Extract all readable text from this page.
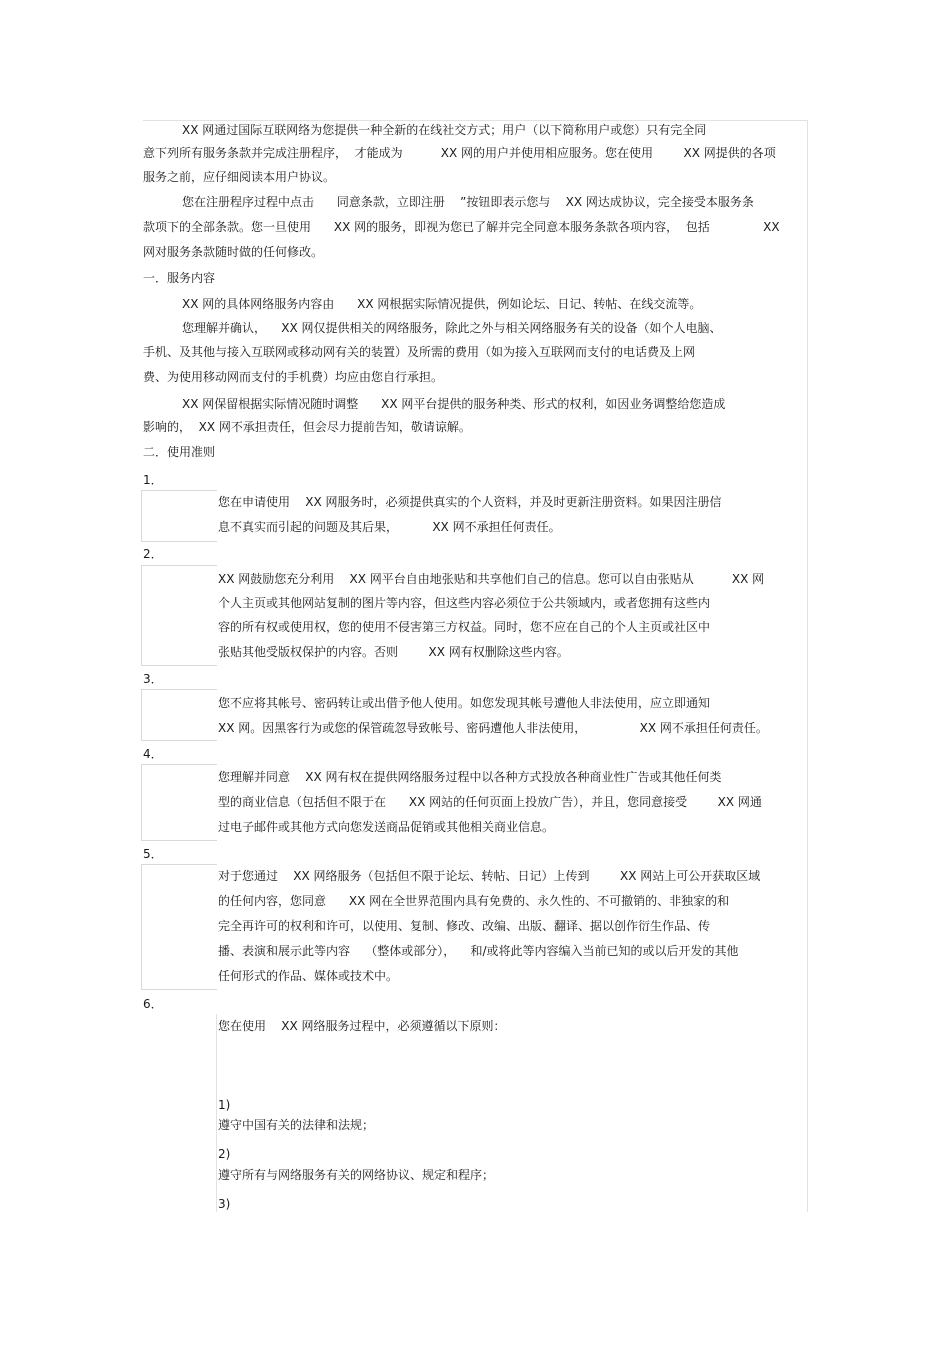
XX 网通过国际互联网络为您提供一种全新的在线社交方式；用户（以下简称用户或您）只有完全同
意下列所有服务条款并完成注册程序，  才能成为          XX 网的用户并使用相应服务。您在使用        XX 网提供的各项
服务之前，应仔细阅读本用户协议。
您在注册程序过程中点击      同意条款，立即注册    ”按钮即表示您与    XX 网达成协议，完全接受本服务条
款项下的全部条款。您一旦使用      XX 网的服务，即视为您已了解并完全同意本服务条款各项内容，  包括              XX
网对服务条款随时做的任何修改。
一．服务内容
XX 网的具体网络服务内容由      XX 网根据实际情况提供，例如论坛、日记、转帖、在线交流等。
您理解并确认，    XX 网仅提供相关的网络服务，除此之外与相关网络服务有关的设备（如个人电脑、
手机、及其他与接入互联网或移动网有关的装置）及所需的费用（如为接入互联网而支付的电话费及上网
费、为使用移动网而支付的手机费）均应由您自行承担。
XX 网保留根据实际情况随时调整      XX 网平台提供的服务种类、形式的权利，如因业务调整给您造成
影响的，  XX 网不承担责任，但会尽力提前告知，敬请谅解。
二．使用准则
1．
您在申请使用    XX 网服务时，必须提供真实的个人资料，并及时更新注册资料。如果因注册信
息不真实而引起的问题及其后果，         XX 网不承担任何责任。
2．
XX 网鼓励您充分利用    XX 网平台自由地张贴和共享他们自己的信息。您可以自由张贴从          XX 网
个人主页或其他网站复制的图片等内容，但这些内容必须位于公共领域内，或者您拥有这些内
容的所有权或使用权，您的使用不侵害第三方权益。同时，您不应在自己的个人主页或社区中
张贴其他受版权保护的内容。否则        XX 网有权删除这些内容。
3．
您不应将其帐号、密码转让或出借予他人使用。如您发现其帐号遭他人非法使用，应立即通知
XX 网。因黑客行为或您的保管疏忽导致帐号、密码遭他人非法使用，              XX 网不承担任何责任。
4．
您理解并同意    XX 网有权在提供网络服务过程中以各种方式投放各种商业性广告或其他任何类
型的商业信息（包括但不限于在      XX 网站的任何页面上投放广告），并且，您同意接受        XX 网通
过电子邮件或其他方式向您发送商品促销或其他相关商业信息。
5．
对于您通过    XX 网络服务（包括但不限于论坛、转帖、日记）上传到        XX 网站上可公开获取区域
的任何内容，您同意      XX 网在全世界范围内具有免费的、永久性的、不可撤销的、非独家的和
完全再许可的权利和许可，以使用、复制、修改、改编、出版、翻译、据以创作衍生作品、传
播、表演和展示此等内容    （整体或部分），    和/或将此等内容编入当前已知的或以后开发的其他
任何形式的作品、媒体或技术中。
6．
您在使用    XX 网络服务过程中，必须遵循以下原则：
1)
遵守中国有关的法律和法规；
2)
遵守所有与网络服务有关的网络协议、规定和程序；
3)
